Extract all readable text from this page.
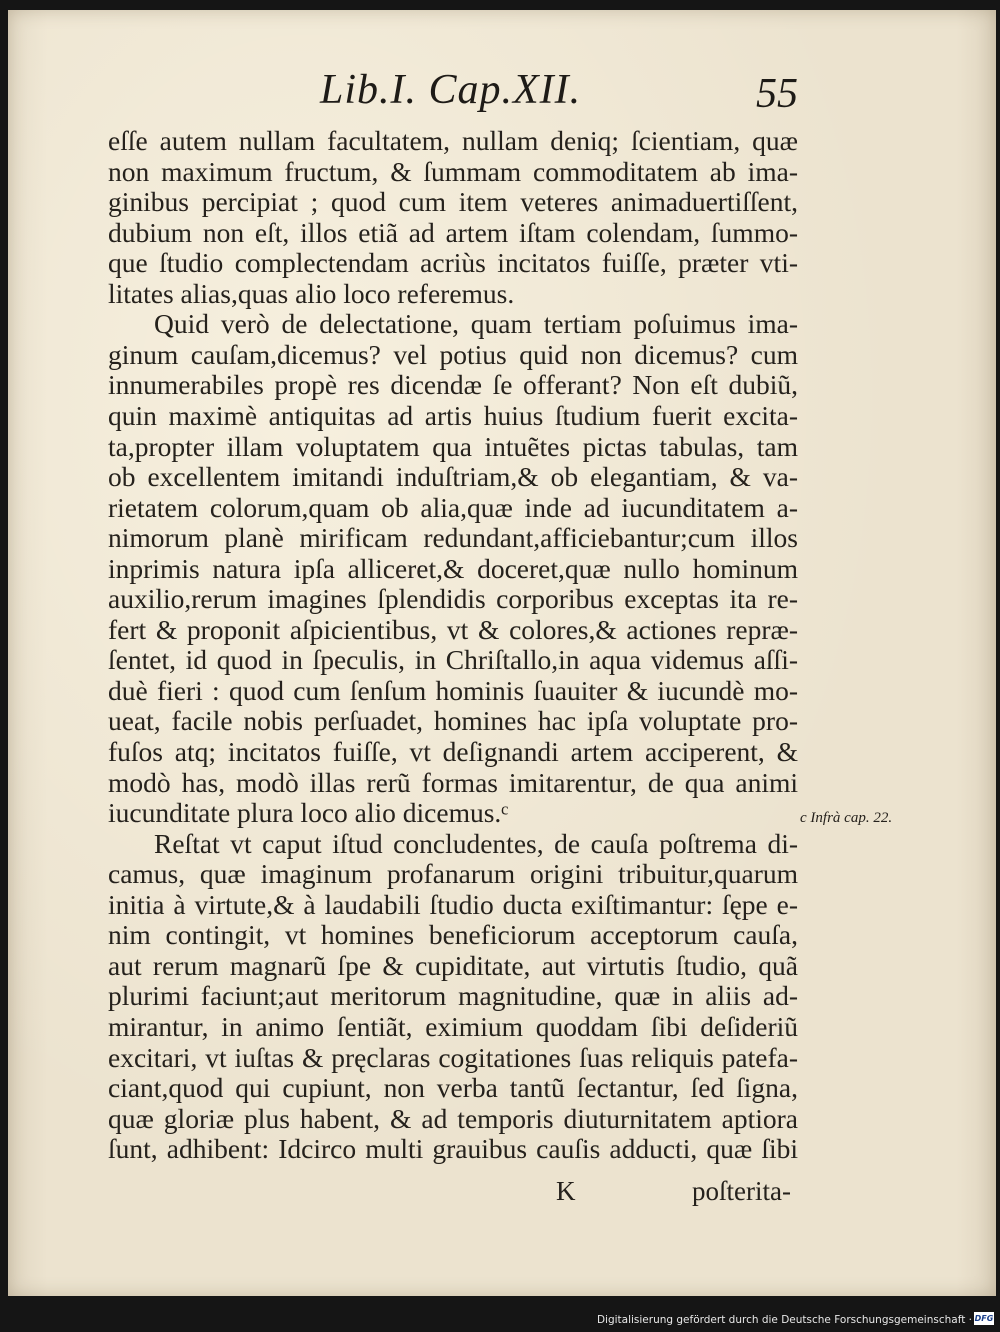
Lib.I. Cap.XII.	55
eſſe autem nullam facultatem, nullam deniq; ſcientiam, quæ
non maximum fructum, & ſummam commoditatem ab ima-
ginibus percipiat ; quod cum item veteres animaduertiſſent,
dubium non eſt, illos etiã ad artem iſtam colendam, ſummo-
que ſtudio complectendam acriùs incitatos fuiſſe, præter vti-
litates alias,quas alio loco referemus.
Quid verò de delectatione, quam tertiam poſuimus ima-
ginum cauſam,dicemus? vel potius quid non dicemus? cum
innumerabiles propè res dicendæ ſe offerant? Non eſt dubiũ,
quin maximè antiquitas ad artis huius ſtudium fuerit excita-
ta,propter illam voluptatem qua intuẽtes pictas tabulas, tam
ob excellentem imitandi induſtriam,& ob elegantiam, & va-
rietatem colorum,quam ob alia,quæ inde ad iucunditatem a-
nimorum planè mirificam redundant,afficiebantur;cum illos
inprimis natura ipſa alliceret,& doceret,quæ nullo hominum
auxilio,rerum imagines ſplendidis corporibus exceptas ita re-
fert & proponit aſpicientibus, vt & colores,& actiones repræ-
ſentet, id quod in ſpeculis, in Chriſtallo,in aqua videmus aſſi-
duè fieri : quod cum ſenſum hominis ſuauiter & iucundè mo-
ueat, facile nobis perſuadet, homines hac ipſa voluptate pro-
fuſos atq; incitatos fuiſſe, vt deſignandi artem acciperent, &
modò has, modò illas rerũ formas imitarentur, de qua animi
iucunditate plura loco alio dicemus.ᶜ
Reſtat vt caput iſtud concludentes, de cauſa poſtrema di-
camus, quæ imaginum profanarum origini tribuitur,quarum
initia à virtute,& à laudabili ſtudio ducta exiſtimantur: ſępe e-
nim contingit, vt homines beneficiorum acceptorum cauſa,
aut rerum magnarũ ſpe & cupiditate, aut virtutis ſtudio, quã
plurimi faciunt;aut meritorum magnitudine, quæ in aliis ad-
mirantur, in animo ſentiãt, eximium quoddam ſibi deſideriũ
excitari, vt iuſtas & pręclaras cogitationes ſuas reliquis patefa-
ciant,quod qui cupiunt, non verba tantũ ſectantur, ſed ſigna,
quæ gloriæ plus habent, & ad temporis diuturnitatem aptiora
ſunt, adhibent: Idcirco multi grauibus cauſis adducti, quæ ſibi
c Infrà cap. 22.
K	poſterita-
Digitalisierung gefördert durch die Deutsche Forschungsgemeinschaft · DFG
